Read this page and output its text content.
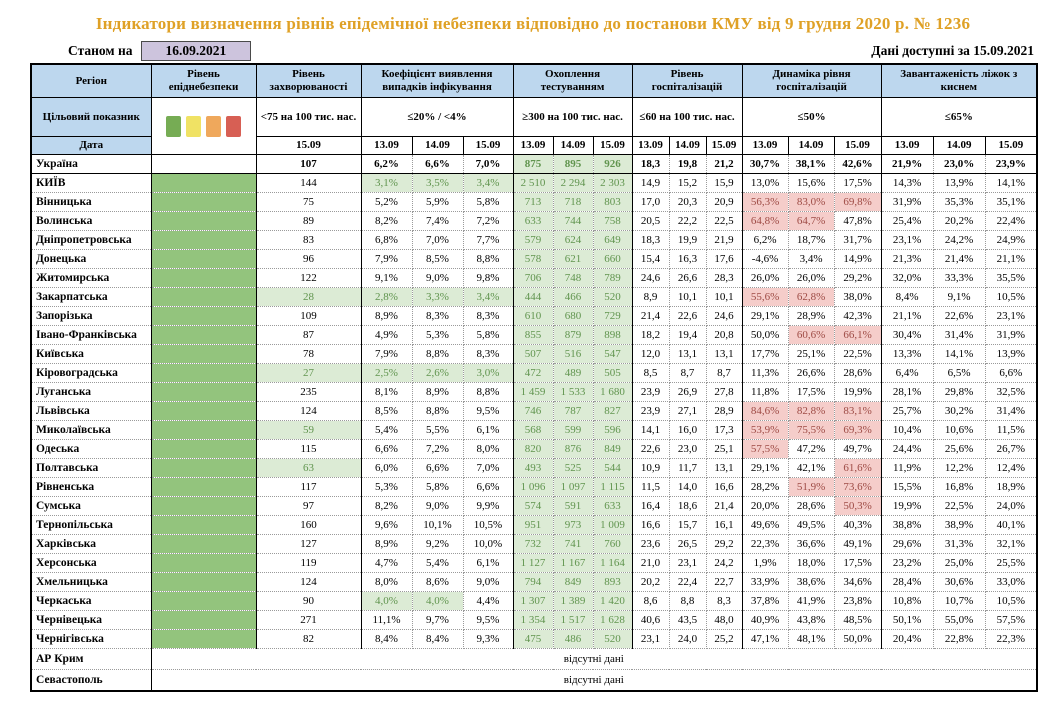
Індикатори визначення рівнів епідемічної небезпеки відповідно до постанови КМУ від 9 грудня 2020 р. № 1236
Станом на	16.09.2021	Дані доступні за 15.09.2021
Регіон	Рівень епіднебезпеки	Рівень захворюваності	Коефіцієнт виявлення випадків інфікування			Охоплення тестуванням			Рівень госпіталізацій			Динаміка рівня госпіталізацій			Завантаженість ліжок з киснем		
Цільовий показник		<75 на 100 тис. нас.	≤20% / <4%			≥300 на 100 тис. нас.			≤60 на 100 тис. нас.			≤50%			≤65%		
Дата		15.09	13.09	14.09	15.09	13.09	14.09	15.09	13.09	14.09	15.09	13.09	14.09	15.09	13.09	14.09	15.09
Україна		107	6,2%	6,6%	7,0%	875	895	926	18,3	19,8	21,2	30,7%	38,1%	42,6%	21,9%	23,0%	23,9%
КИЇВ		144	3,1%	3,5%	3,4%	2 510	2 294	2 303	14,9	15,2	15,9	13,0%	15,6%	17,5%	14,3%	13,9%	14,1%
Вінницька		75	5,2%	5,9%	5,8%	713	718	803	17,0	20,3	20,9	56,3%	83,0%	69,8%	31,9%	35,3%	35,1%
Волинська		89	8,2%	7,4%	7,2%	633	744	758	20,5	22,2	22,5	64,8%	64,7%	47,8%	25,4%	20,2%	22,4%
Дніпропетровська		83	6,8%	7,0%	7,7%	579	624	649	18,3	19,9	21,9	6,2%	18,7%	31,7%	23,1%	24,2%	24,9%
Донецька		96	7,9%	8,5%	8,8%	578	621	660	15,4	16,3	17,6	-4,6%	3,4%	14,9%	21,3%	21,4%	21,1%
Житомирська		122	9,1%	9,0%	9,8%	706	748	789	24,6	26,6	28,3	26,0%	26,0%	29,2%	32,0%	33,3%	35,5%
Закарпатська		28	2,8%	3,3%	3,4%	444	466	520	8,9	10,1	10,1	55,6%	62,8%	38,0%	8,4%	9,1%	10,5%
Запорізька		109	8,9%	8,3%	8,3%	610	680	729	21,4	22,6	24,6	29,1%	28,9%	42,3%	21,1%	22,6%	23,1%
Івано-Франківська		87	4,9%	5,3%	5,8%	855	879	898	18,2	19,4	20,8	50,0%	60,6%	66,1%	30,4%	31,4%	31,9%
Київська		78	7,9%	8,8%	8,3%	507	516	547	12,0	13,1	13,1	17,7%	25,1%	22,5%	13,3%	14,1%	13,9%
Кіровоградська		27	2,5%	2,6%	3,0%	472	489	505	8,5	8,7	8,7	11,3%	26,6%	28,6%	6,4%	6,5%	6,6%
Луганська		235	8,1%	8,9%	8,8%	1 459	1 533	1 680	23,9	26,9	27,8	11,8%	17,5%	19,9%	28,1%	29,8%	32,5%
Львівська		124	8,5%	8,8%	9,5%	746	787	827	23,9	27,1	28,9	84,6%	82,8%	83,1%	25,7%	30,2%	31,4%
Миколаївська		59	5,4%	5,5%	6,1%	568	599	596	14,1	16,0	17,3	53,9%	75,5%	69,3%	10,4%	10,6%	11,5%
Одеська		115	6,6%	7,2%	8,0%	820	876	849	22,6	23,0	25,1	57,5%	47,2%	49,7%	24,4%	25,6%	26,7%
Полтавська		63	6,0%	6,6%	7,0%	493	525	544	10,9	11,7	13,1	29,1%	42,1%	61,6%	11,9%	12,2%	12,4%
Рівненська		117	5,3%	5,8%	6,6%	1 096	1 097	1 115	11,5	14,0	16,6	28,2%	51,9%	73,6%	15,5%	16,8%	18,9%
Сумська		97	8,2%	9,0%	9,9%	574	591	633	16,4	18,6	21,4	20,0%	28,6%	50,3%	19,9%	22,5%	24,0%
Тернопільська		160	9,6%	10,1%	10,5%	951	973	1 009	16,6	15,7	16,1	49,6%	49,5%	40,3%	38,8%	38,9%	40,1%
Харківська		127	8,9%	9,2%	10,0%	732	741	760	23,6	26,5	29,2	22,3%	36,6%	49,1%	29,6%	31,3%	32,1%
Херсонська		119	4,7%	5,4%	6,1%	1 127	1 167	1 164	21,0	23,1	24,2	1,9%	18,0%	17,5%	23,2%	25,0%	25,5%
Хмельницька		124	8,0%	8,6%	9,0%	794	849	893	20,2	22,4	22,7	33,9%	38,6%	34,6%	28,4%	30,6%	33,0%
Черкаська		90	4,0%	4,0%	4,4%	1 307	1 389	1 420	8,6	8,8	8,3	37,8%	41,9%	23,8%	10,8%	10,7%	10,5%
Чернівецька		271	11,1%	9,7%	9,5%	1 354	1 517	1 628	40,6	43,5	48,0	40,9%	43,8%	48,5%	50,1%	55,0%	57,5%
Чернігівська		82	8,4%	8,4%	9,3%	475	486	520	23,1	24,0	25,2	47,1%	48,1%	50,0%	20,4%	22,8%	22,3%
АР Крим	відсутні дані																
Севастополь	відсутні дані																
